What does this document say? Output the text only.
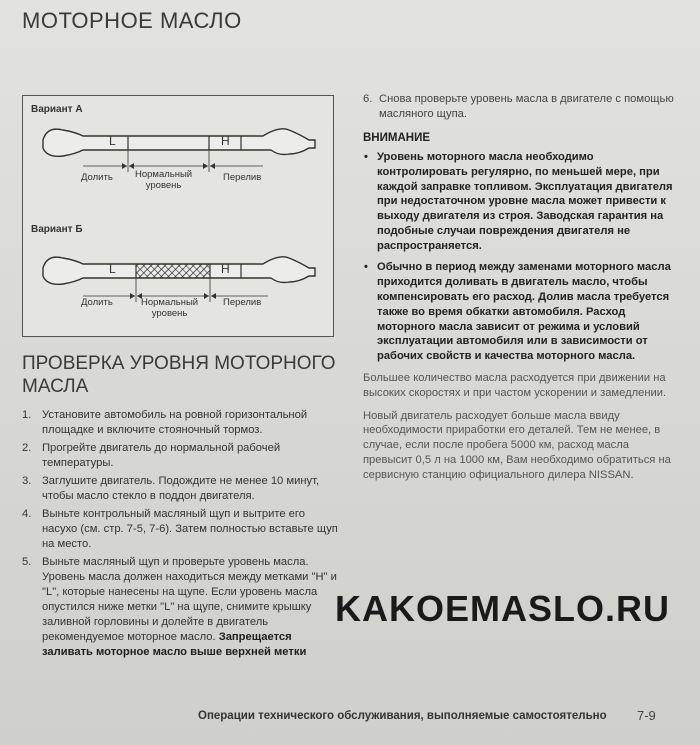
МОТОРНОЕ МАСЛО
Вариант А
L	H
Долить Нормальный
уровень
Перелив
Вариант Б
L	H
Долить	Нормальный
уровень
Перелив
ПРОВЕРКА УРОВНЯ МОТОРНОГО МАСЛА
1. Установите автомобиль на ровной горизонтальной площадке и включите стояночный тормоз.
2. Прогрейте двигатель до нормальной рабочей температуры.
3. Заглушите двигатель. Подождите не менее 10 минут, чтобы масло стекло в поддон двигателя.
4. Выньте контрольный масляный щуп и вытрите его насухо (см. стр. 7-5, 7-6). Затем полностью вставьте щуп на место.
5. Выньте масляный щуп и проверьте уровень масла. Уровень масла должен находиться между метками "H" и "L", которые нанесены на щупе. Если уровень масла опустился ниже метки "L" на щупе, снимите крышку заливной горловины и долейте в двигатель рекомендуемое моторное масло. Запрещается заливать моторное масло выше верхней метки
6. Снова проверьте уровень масла в двигателе с помощью масляного щупа.
ВНИМАНИЕ
• Уровень моторного масла необходимо контролировать регулярно, по меньшей мере, при каждой заправке топливом. Эксплуатация двигателя при недостаточном уровне масла может привести к выходу двигателя из строя. Заводская гарантия на подобные случаи повреждения двигателя не распространяется.
• Обычно в период между заменами моторного масла приходится доливать в двигатель масло, чтобы компенсировать его расход. Долив масла требуется также во время обкатки автомобиля. Расход моторного масла зависит от режима и условий эксплуатации автомобиля или в зависимости от рабочих свойств и качества моторного масла.
Большее количество масла расходуется при движении на высоких скоростях и при частом ускорении и замедлении.
Новый двигатель расходует больше масла ввиду необходимости приработки его деталей. Тем не менее, в случае, если после пробега 5000 км, расход масла превысит 0,5 л на 1000 км, Вам необходимо обратиться на сервисную станцию официального дилера NISSAN.
KAKOEMASLO.RU
Операции технического обслуживания, выполняемые самостоятельно 7-9
